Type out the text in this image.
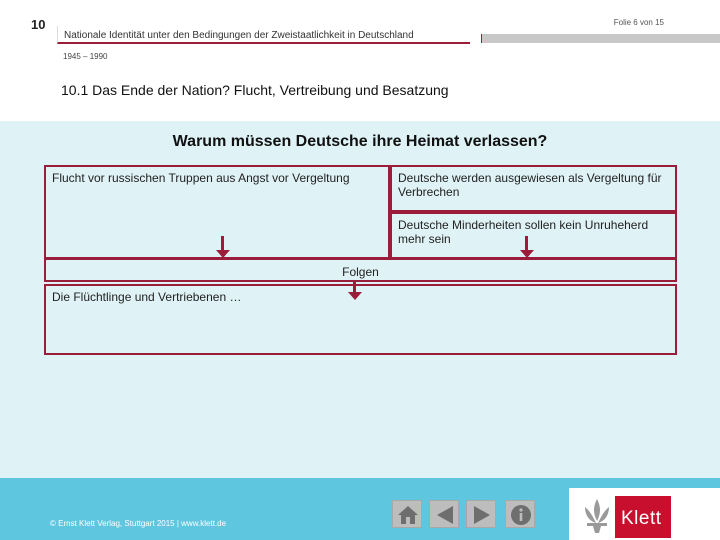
10	Folie 6 von 15
Nationale Identität unter den Bedingungen der Zweistaatlichkeit in Deutschland
1945 – 1990
10.1 Das Ende der Nation? Flucht, Vertreibung und Besatzung
Warum müssen Deutsche ihre Heimat verlassen?
Flucht vor russischen Truppen aus Angst vor Vergeltung	Deutsche werden ausgewiesen als Vergeltung für Verbrechen
Deutsche Minderheiten sollen kein Unruheherd mehr sein
Folgen
Die Flüchtlinge und Vertriebenen …
© Ernst Klett Verlag, Stuttgart 2015 | www.klett.de	Klett
